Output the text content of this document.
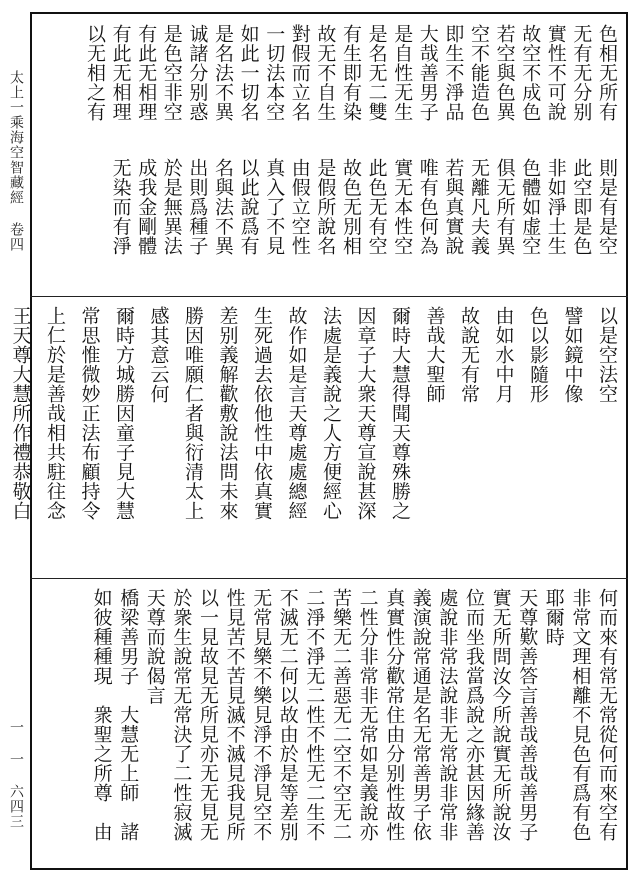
太上一乘海空智藏經 卷四
一 一 六四三
色相无所有
无有无分别
實性不可說
故空不成色
若空與色異
空不能造色
即生不淨品
大哉善男子
是自性无生
是名无二雙
有生即有染
故无不自生
對假而立名
一切法本空
如此一切名
是名法不異
诚諸分别惑
是色空非空
有此无相理
有此无相理
以无相之有
則是有是空
此空即是色
非如淨土生
色體如虚空
俱无所有異
无離凡夫義
若與真實說
唯有色何為
實无本性空
此色无有空
故色无別相
是假所說名
由假立空性
真入了不見
以此說爲有
名與法不異
出則爲種子
於是無異法
成我金剛體
无染而有淨
以是空法空
譬如鏡中像
色以影隨形
由如水中月
故說无有常
善哉大聖師
爾時大慧得聞天尊殊勝之
因章子大衆天尊宣說甚深
法處是義說之人方便經心
故作如是言天尊處處總經
生死過去依他性中依真實
差别義解歡敷說法問未來
勝因唯願仁者與衍清太上
感其意云何
爾時方城勝因童子見大慧
常思惟微妙正法布顧持令
上仁於是善哉相共駐往念
王天尊大慧所作禮恭敬白
何而來有常无常從何而來空有
非常文理相離不見色有爲有色
耶爾時
天尊歎善答言善哉善哉善男子
實无所問汝今所說實无所說汝
位而坐我當爲說之亦甚因緣善
處說非常法說非无常說非常非
義演說常通是名无常善男子依
真實性分歡常住由分别性故性
二性分非常非无常如是義說亦
苦樂无二善惡无二空不空无二
二淨不淨无二性不性无二生不
不滅无二何以故由於是等差別
无常見樂不樂見淨不淨見空不
性見苦不苦見滅不滅見我見所
以一見故見无所見亦无无見无
於衆生說常无常決了二性寂滅
天尊而說偈言
橋梁善男子　大慧无上師　諸
如彼種種現　衆聖之所尊　由
